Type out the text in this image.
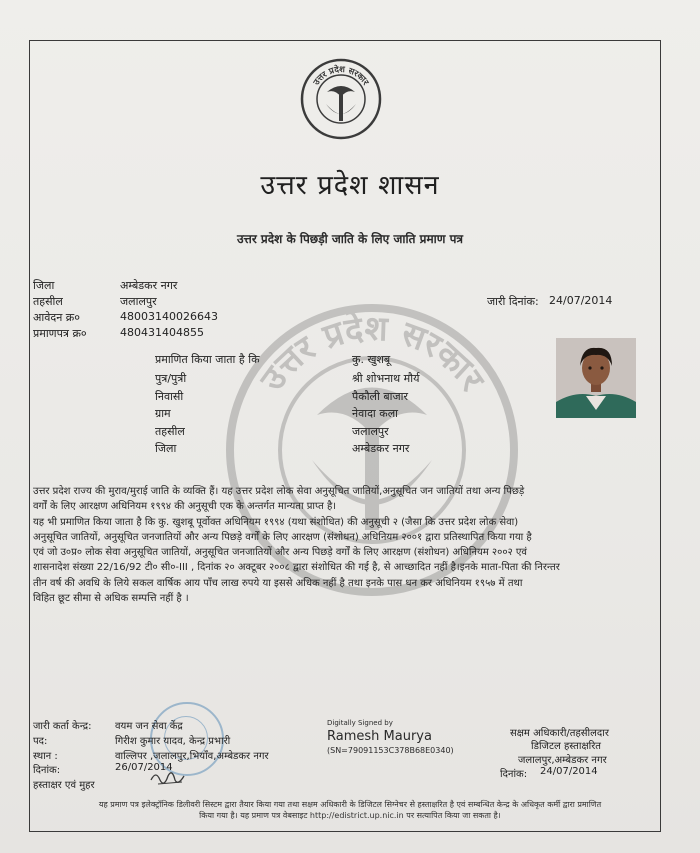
उत्तर प्रदेश सरकार
उत्तर प्रदेश सरकार
उत्तर प्रदेश शासन
उत्तर प्रदेश के पिछड़ी जाति के लिए जाति प्रमाण पत्र
जिला	अम्बेडकर नगर
तहसील	जलालपुर
आवेदन क्र०	48003140026643
प्रमाणपत्र क्र०	480431404855
जारी दिनांक: 24/07/2014
प्रमाणित किया जाता है कि	कु. खुशबू
पुत्र/पुत्री	श्री शोभनाथ मौर्य
निवासी	पैकौली बाजार
ग्राम	नेवादा कला
तहसील	जलालपुर
जिला	अम्बेडकर नगर

उत्तर प्रदेश राज्य की मुराव/मुराई जाति के व्यक्ति हैं। यह उत्तर प्रदेश लोक सेवा अनुसूचित जातियों,अनुसूचित जन जातियों तथा अन्य पिछड़े

वर्गों के लिए आरक्षण अधिनियम १९९४ की अनुसूची एक के अन्तर्गत मान्यता प्राप्त है।

यह भी प्रमाणित किया जाता है कि कु. खुशबू पूर्वोक्त अधिनियम १९९४ (यथा संशोधित) की अनुसूची २ (जैसा कि उत्तर प्रदेश लोक सेवा)

अनुसूचित जातियों, अनुसूचित जनजातियों और अन्य पिछड़े वर्गों के लिए आरक्षण (संशोधन) अधिनियम २००१ द्वारा प्रतिस्थापित किया गया है

एवं जो उ०प्र० लोक सेवा अनुसूचित जातियों, अनुसूचित जनजातियों और अन्य पिछड़े वर्गों के लिए आरक्षण (संशोधन) अधिनियम २००२ एवं

शासनादेश संख्या 22/16/92 टी० सी०-III , दिनांक २० अक्टूबर २००८ द्वारा संशोधित की गई है, से आच्छादित नहीं है।इनके माता-पिता की निरन्तर

तीन वर्ष की अवधि के लिये सकल वार्षिक आय पाँच लाख रुपये या इससे अधिक नहीं है तथा इनके पास धन कर अधिनियम १९५७ में तथा

विहित छूट सीमा से अधिक सम्पत्ति नहीं है ।

जारी कर्ता केन्द्र: वयम जन सेवा केंद्र
पद:	गिरीश कुमार यादव, केन्द्र प्रभारी
स्थान :	वाल्लिपर ,जलालपुर,भियाँव,अम्बेडकर नगर
दिनांक:	26/07/2014
हस्ताक्षर एवं मुहर
Digitally Signed by
Ramesh Maurya
(SN=79091153C378B68E0340)
सक्षम अधिकारी/तहसीलदार
डिजिटल हस्ताक्षरित
जलालपुर,अम्बेडकर नगर
दिनांक: 24/07/2014
यह प्रमाण पत्र इलेक्ट्रॉनिक डिलीवरी सिस्टम द्वारा तैयार किया गया तथा सक्षम अधिकारी के डिजिटल सिग्नेचर से हस्ताक्षरित है एवं सम्बन्धित केन्द्र के अधिकृत कर्मी द्वारा प्रमाणित
किया गया है। यह प्रमाण पत्र वेबसाइट http://edistrict.up.nic.in पर सत्यापित किया जा सकता है।
